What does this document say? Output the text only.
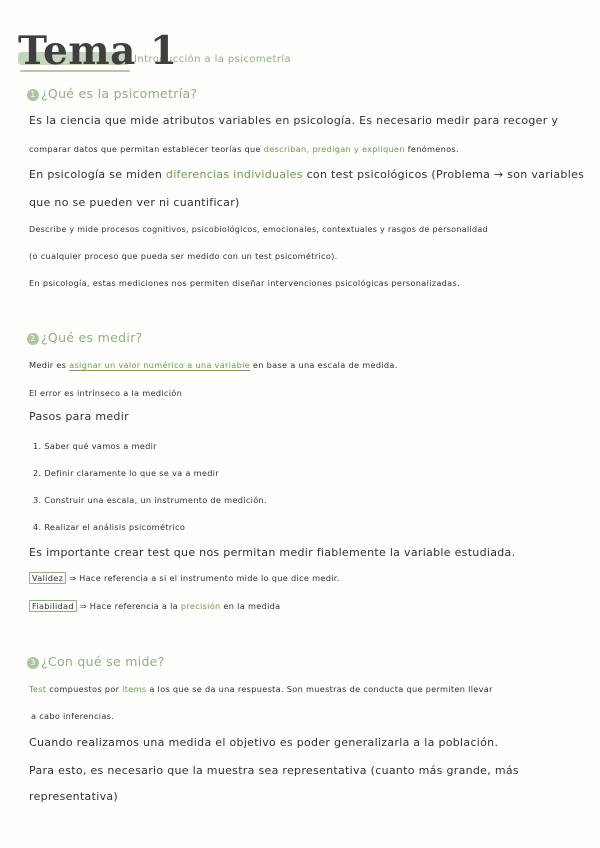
Tema 1
Introducción a la psicometría
1 ¿Qué es la psicometría?
Es la ciencia que mide atributos variables en psicología. Es necesario medir para recoger y
comparar datos que permitan establecer teorías que describan, predigan y expliquen fenómenos.
En psicología se miden diferencias individuales con test psicológicos (Problema → son variables
que no se pueden ver ni cuantificar)
Describe y mide procesos cognitivos, psicobiológicos, emocionales, contextuales y rasgos de personalidad
(o cualquier proceso que pueda ser medido con un test psicométrico).
En psicología, estas mediciones nos permiten diseñar intervenciones psicológicas personalizadas.
2 ¿Qué es medir?
Medir es asignar un valor numérico a una variable en base a una escala de medida.
El error es intrínseco a la medición
Pasos para medir
1. Saber qué vamos a medir
2. Definir claramente lo que se va a medir
3. Construir una escala, un instrumento de medición.
4. Realizar el análisis psicométrico
Es importante crear test que nos permitan medir fiablemente la variable estudiada.
Validez ⇒ Hace referencia a si el instrumento mide lo que dice medir.
Fiabilidad ⇒ Hace referencia a la precisión en la medida
3 ¿Con qué se mide?
Test compuestos por ítems a los que se da una respuesta. Son muestras de conducta que permiten llevar
a cabo inferencias.
Cuando realizamos una medida el objetivo es poder generalizarla a la población.
Para esto, es necesario que la muestra sea representativa (cuanto más grande, más
representativa)
